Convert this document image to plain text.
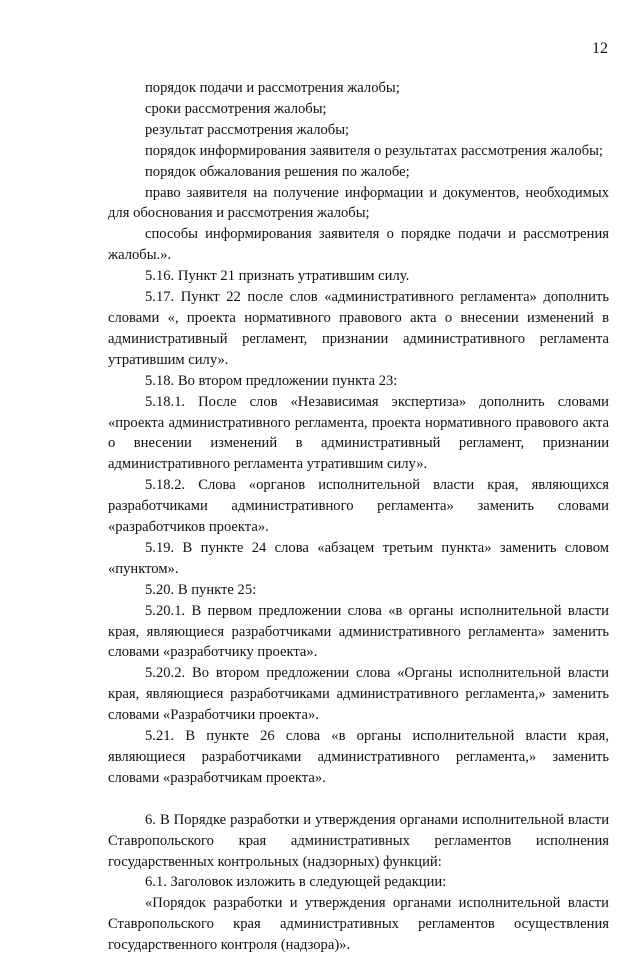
12

порядок подачи и рассмотрения жалобы;

сроки рассмотрения жалобы;

результат рассмотрения жалобы;

порядок информирования заявителя о результатах рассмотрения жалобы;

порядок обжалования решения по жалобе;

право заявителя на получение информации и документов, необходимых для обоснования и рассмотрения жалобы;

способы информирования заявителя о порядке подачи и рассмотрения жалобы.».

5.16. Пункт 21 признать утратившим силу.

5.17. Пункт 22 после слов «административного регламента» дополнить словами «, проекта нормативного правового акта о внесении изменений в административный регламент, признании административного регламента утратившим силу».

5.18. Во втором предложении пункта 23:

5.18.1. После слов «Независимая экспертиза» дополнить словами «проекта административного регламента, проекта нормативного правового акта о внесении изменений в административный регламент, признании административного регламента утратившим силу».

5.18.2. Слова «органов исполнительной власти края, являющихся разработчиками административного регламента» заменить словами «разработчиков проекта».

5.19. В пункте 24 слова «абзацем третьим пункта» заменить словом «пунктом».

5.20. В пункте 25:

5.20.1. В первом предложении слова «в органы исполнительной власти края, являющиеся разработчиками административного регламента» заменить словами «разработчику проекта».

5.20.2. Во втором предложении слова «Органы исполнительной власти края, являющиеся разработчиками административного регламента,» заменить словами «Разработчики проекта».

5.21. В пункте 26 слова «в органы исполнительной власти края, являющиеся разработчиками административного регламента,» заменить словами «разработчикам проекта».

6. В Порядке разработки и утверждения органами исполнительной власти Ставропольского края административных регламентов исполнения государственных контрольных (надзорных) функций:

6.1. Заголовок изложить в следующей редакции:

«Порядок разработки и утверждения органами исполнительной власти Ставропольского края административных регламентов осуществления государственного контроля (надзора)».
